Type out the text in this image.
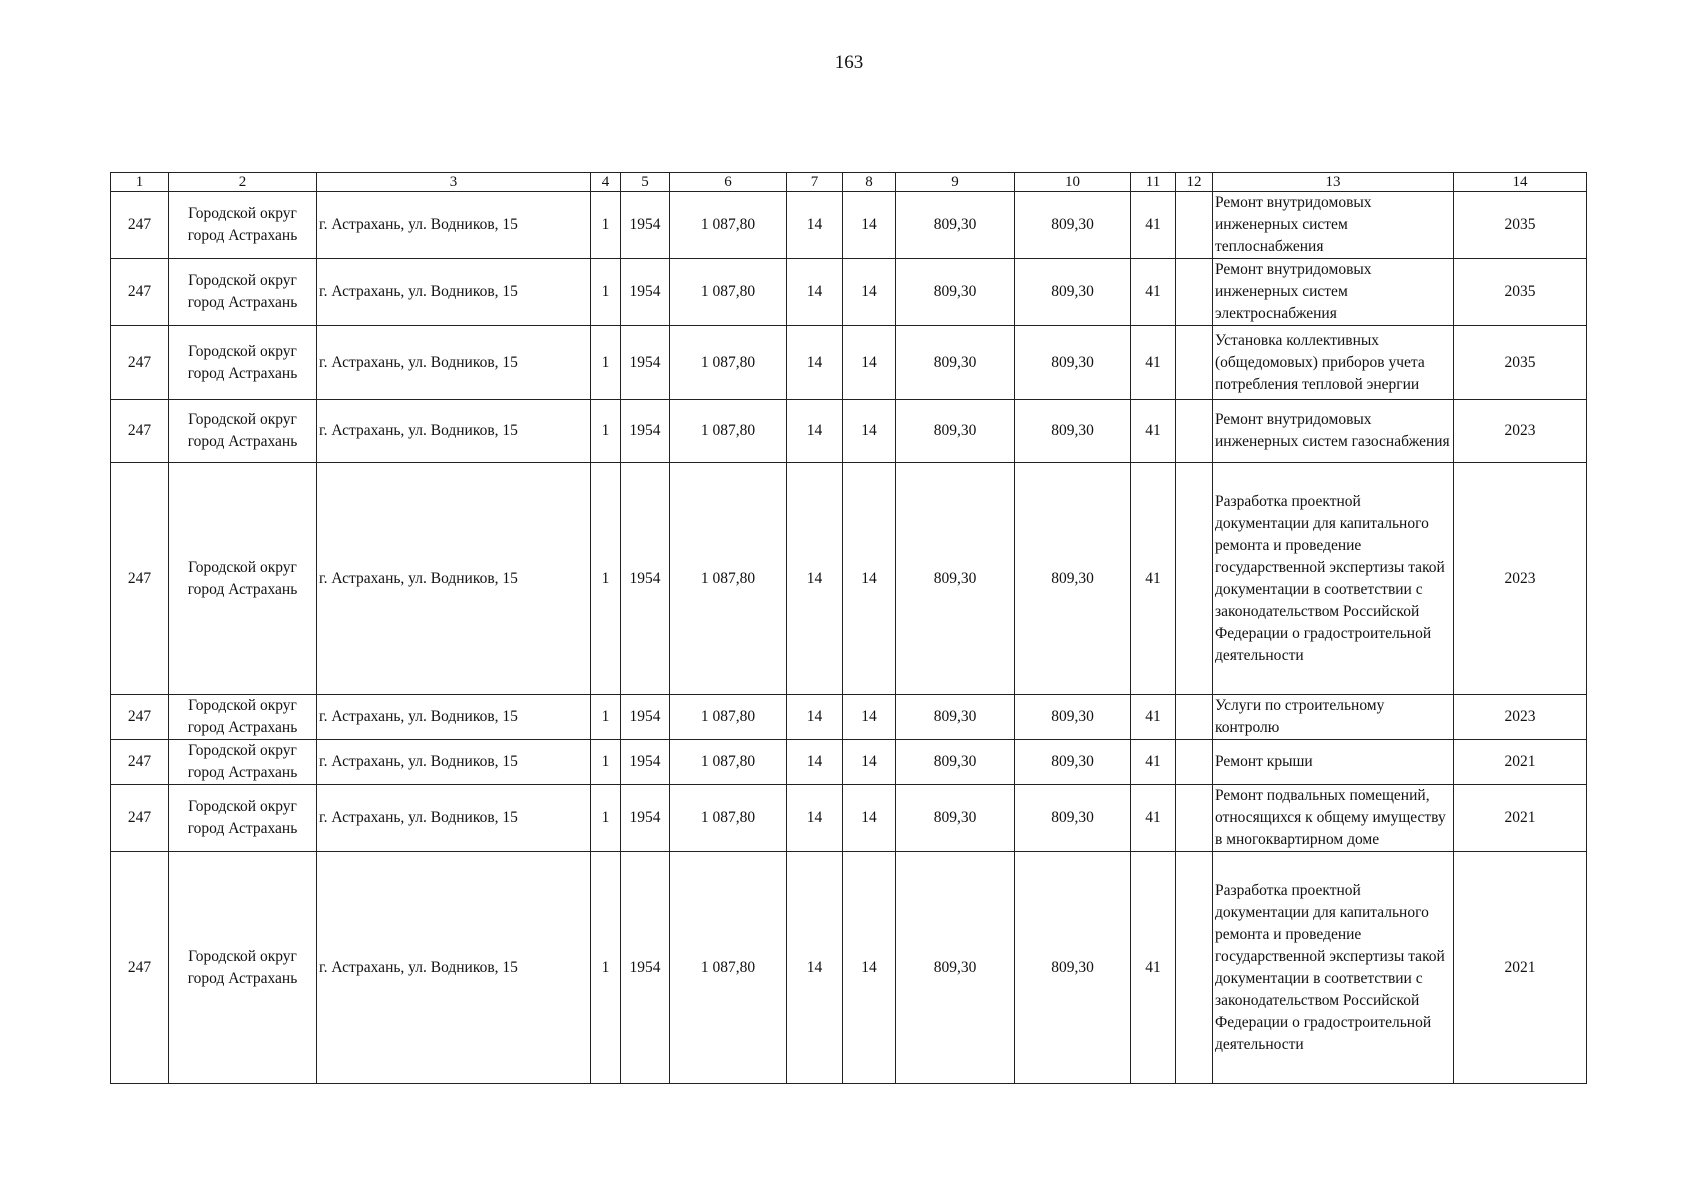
163
1	2	3	4	5	6	7	8	9	10	11	12	13	14
247	Городской округ город Астрахань	г. Астрахань, ул. Водников, 15	1	1954	1 087,80	14	14	809,30	809,30	41		Ремонт внутридомовых инженерных систем теплоснабжения	2035
247	Городской округ город Астрахань	г. Астрахань, ул. Водников, 15	1	1954	1 087,80	14	14	809,30	809,30	41		Ремонт внутридомовых инженерных систем электроснабжения	2035
247	Городской округ город Астрахань	г. Астрахань, ул. Водников, 15	1	1954	1 087,80	14	14	809,30	809,30	41		Установка коллективных (общедомовых) приборов учета потребления тепловой энергии	2035
247	Городской округ город Астрахань	г. Астрахань, ул. Водников, 15	1	1954	1 087,80	14	14	809,30	809,30	41		Ремонт внутридомовых инженерных систем газоснабжения	2023
247	Городской округ город Астрахань	г. Астрахань, ул. Водников, 15	1	1954	1 087,80	14	14	809,30	809,30	41		Разработка проектной документации для капитального ремонта и проведение государственной экспертизы такой документации в соответствии с законодательством Российской Федерации о градостроительной деятельности	2023
247	Городской округ город Астрахань	г. Астрахань, ул. Водников, 15	1	1954	1 087,80	14	14	809,30	809,30	41		Услуги по строительному контролю	2023
247	Городской округ город Астрахань	г. Астрахань, ул. Водников, 15	1	1954	1 087,80	14	14	809,30	809,30	41		Ремонт крыши	2021
247	Городской округ город Астрахань	г. Астрахань, ул. Водников, 15	1	1954	1 087,80	14	14	809,30	809,30	41		Ремонт подвальных помещений, относящихся к общему имуществу в многоквартирном доме	2021
247	Городской округ город Астрахань	г. Астрахань, ул. Водников, 15	1	1954	1 087,80	14	14	809,30	809,30	41		Разработка проектной документации для капитального ремонта и проведение государственной экспертизы такой документации в соответствии с законодательством Российской Федерации о градостроительной деятельности	2021
